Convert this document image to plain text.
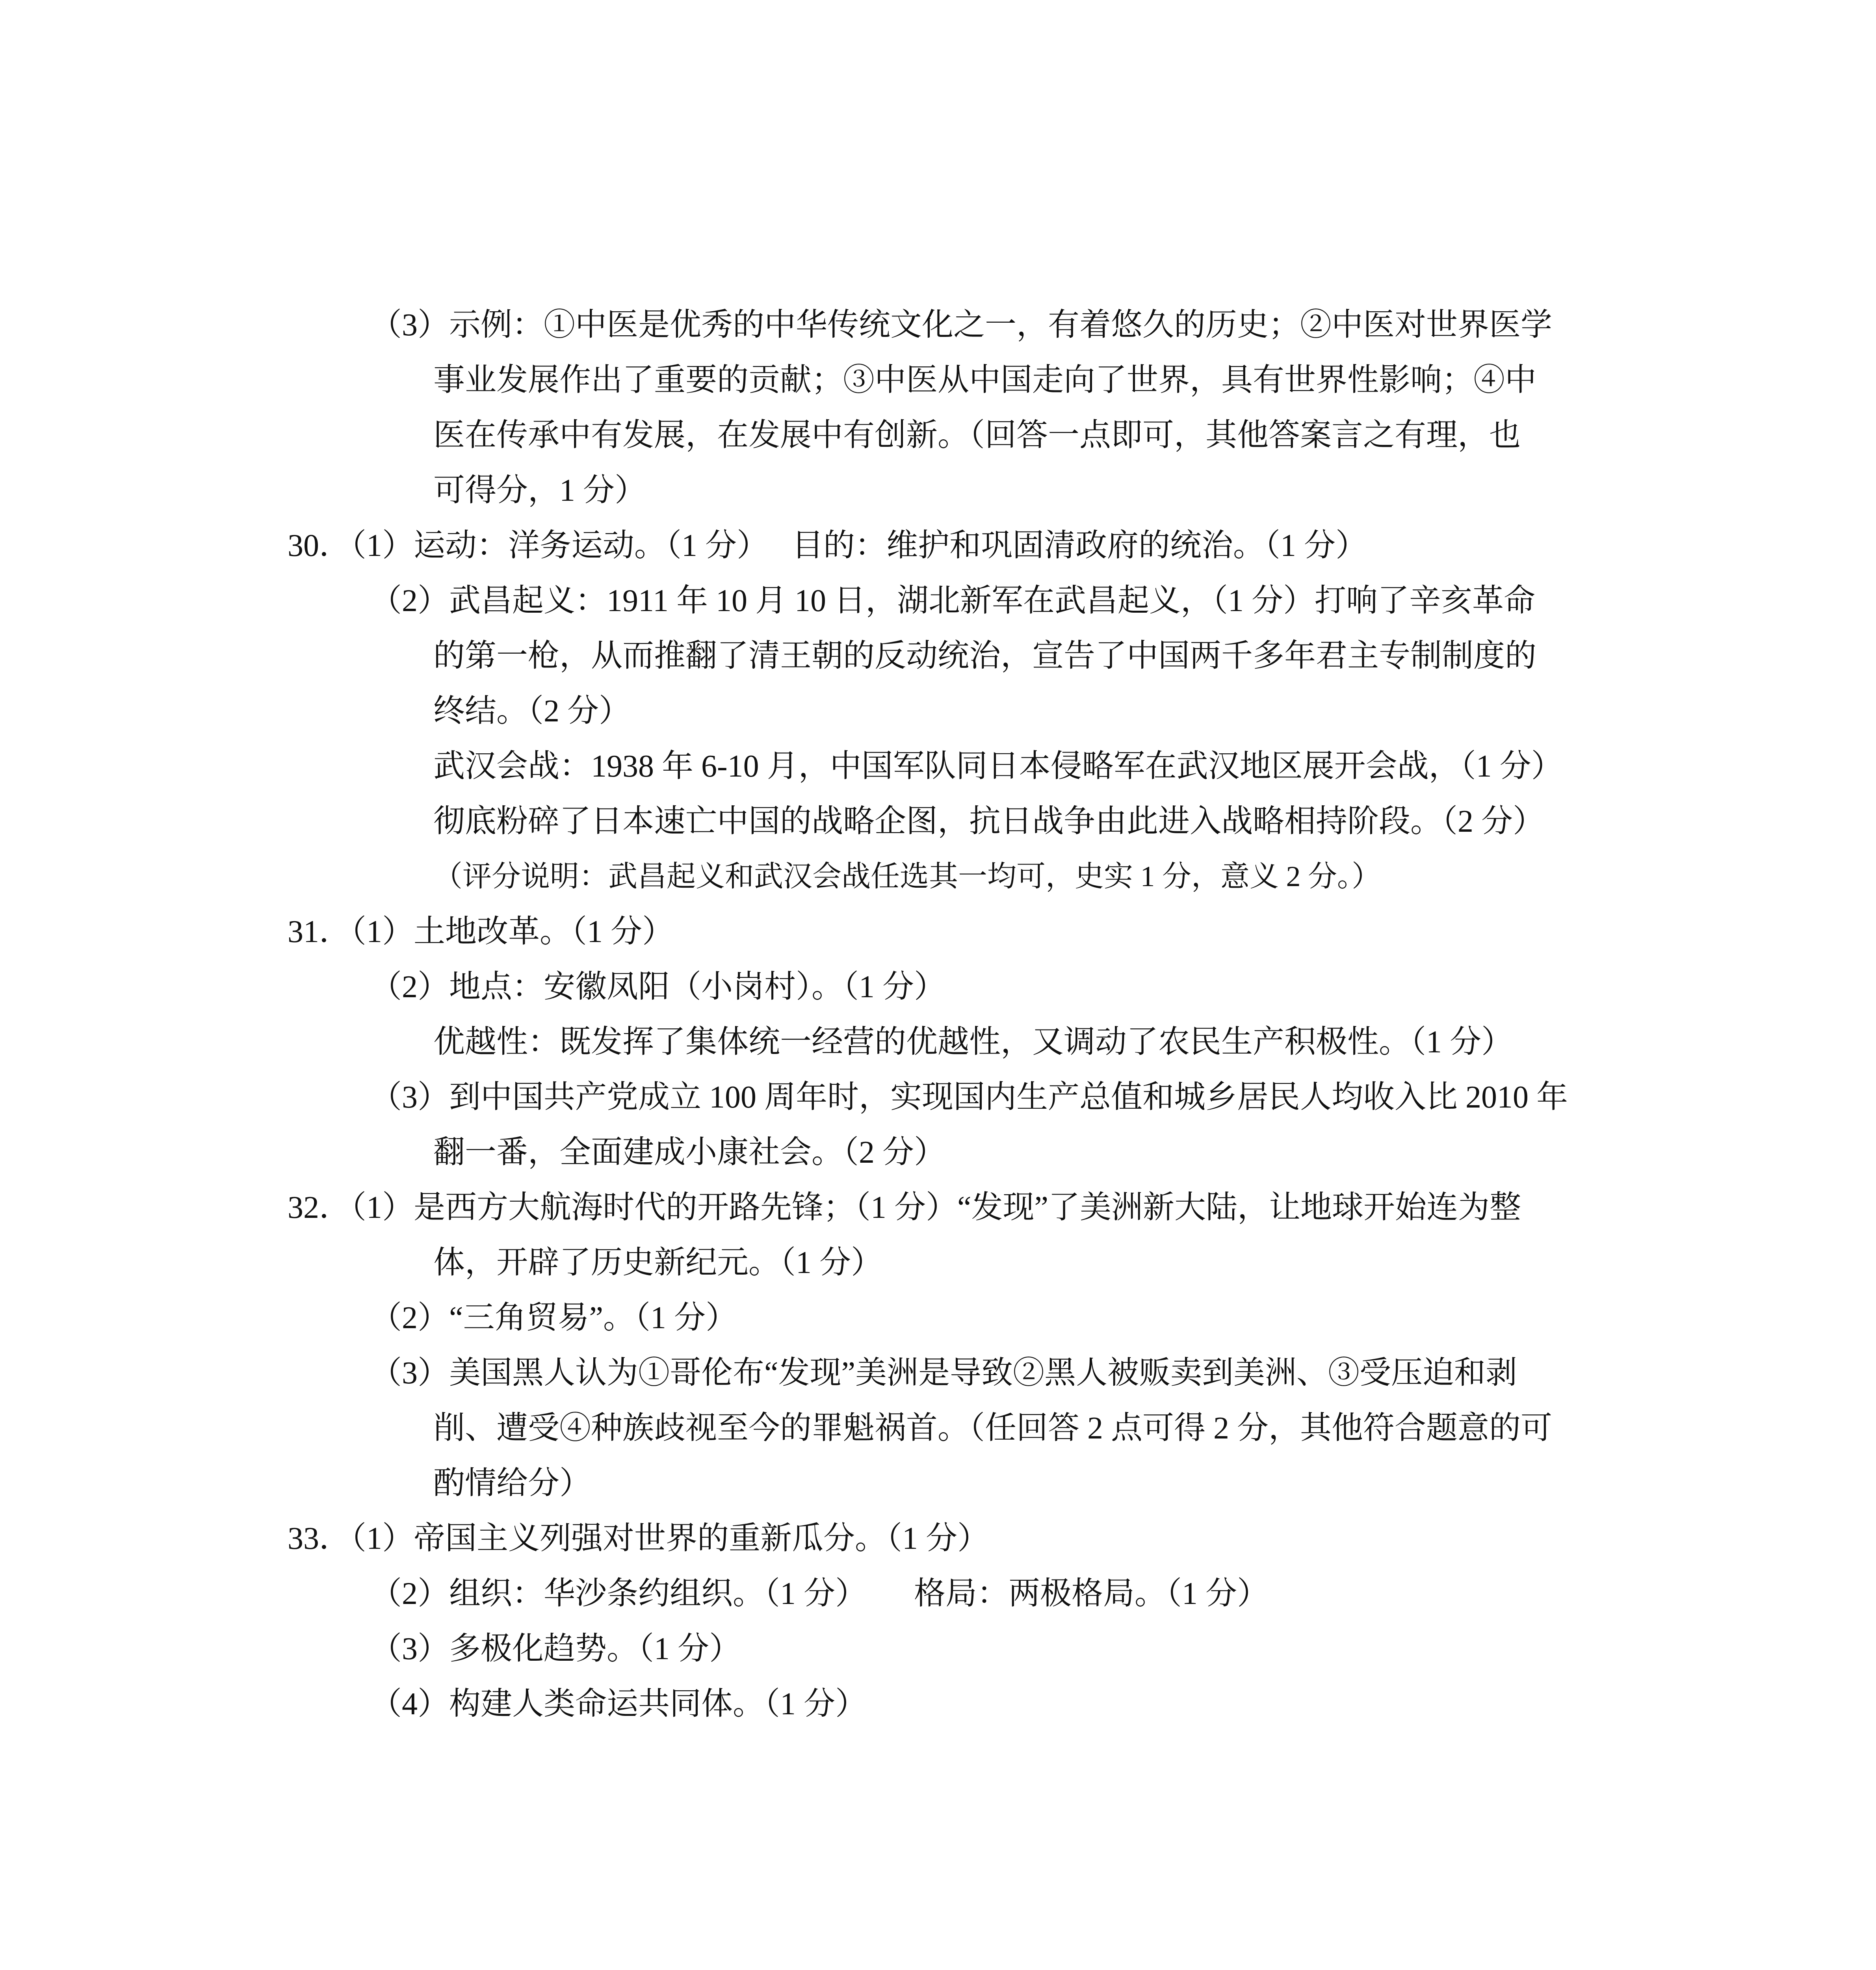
（3）示例：①中医是优秀的中华传统文化之一，有着悠久的历史；②中医对世界医学
事业发展作出了重要的贡献；③中医从中国走向了世界，具有世界性影响；④中
医在传承中有发展，在发展中有创新。（回答一点即可，其他答案言之有理，也
可得分，1 分）
30．（1）运动：洋务运动。（1 分）　 目的：维护和巩固清政府的统治。（1 分）
（2）武昌起义：1911 年 10 月 10 日，湖北新军在武昌起义，（1 分）打响了辛亥革命
的第一枪，从而推翻了清王朝的反动统治，宣告了中国两千多年君主专制制度的
终结。（2 分）
武汉会战：1938 年 6-10 月，中国军队同日本侵略军在武汉地区展开会战，（1 分）
彻底粉碎了日本速亡中国的战略企图，抗日战争由此进入战略相持阶段。（2 分）
（评分说明：武昌起义和武汉会战任选其一均可，史实 1 分，意义 2 分。）
31．（1）土地改革。（1 分）
（2）地点：安徽凤阳（小岗村）。（1 分）
优越性：既发挥了集体统一经营的优越性，又调动了农民生产积极性。（1 分）
（3）到中国共产党成立 100 周年时，实现国内生产总值和城乡居民人均收入比 2010 年
翻一番，全面建成小康社会。（2 分）
32．（1）是西方大航海时代的开路先锋；（1 分）“发现”了美洲新大陆，让地球开始连为整
体，开辟了历史新纪元。（1 分）
（2）“三角贸易”。（1 分）
（3）美国黑人认为①哥伦布“发现”美洲是导致②黑人被贩卖到美洲、③受压迫和剥
削、遭受④种族歧视至今的罪魁祸首。（任回答 2 点可得 2 分，其他符合题意的可
酌情给分）
33．（1）帝国主义列强对世界的重新瓜分。（1 分）
（2）组织：华沙条约组织。（1 分）　　格局：两极格局。（1 分）
（3）多极化趋势。（1 分）
（4）构建人类命运共同体。（1 分）
